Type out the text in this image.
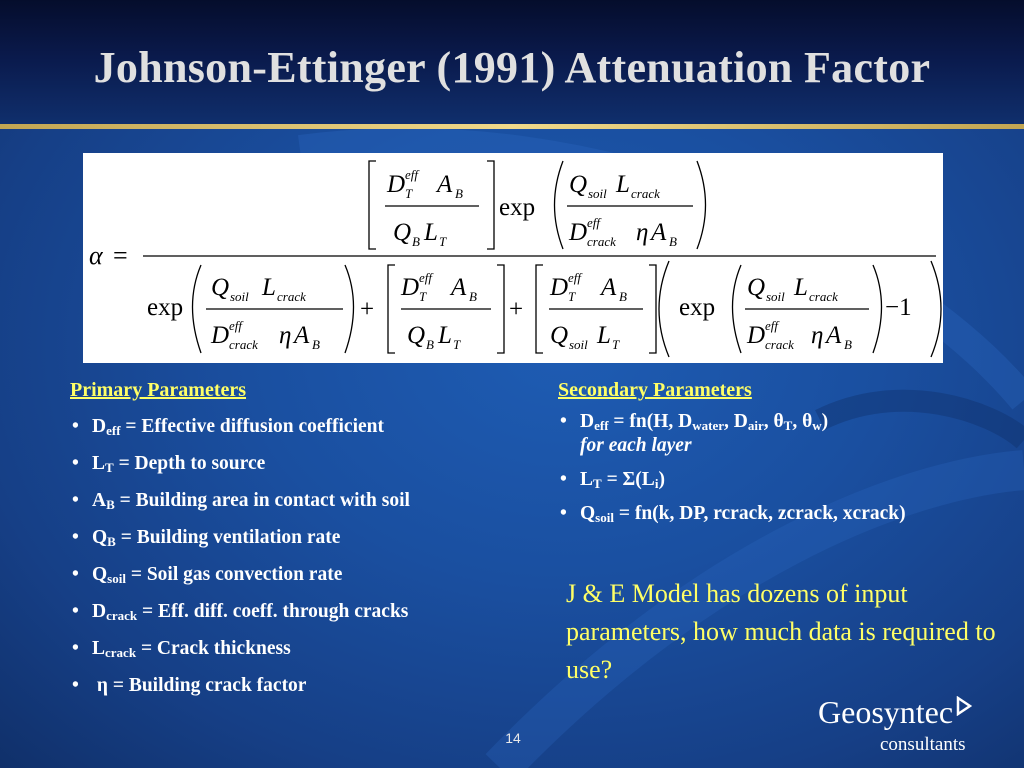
Johnson-Ettinger (1991) Attenuation Factor
α =
D eff
T A B
Q B L T
exp
Q soil L crack
D eff
crack η A B
exp
Q soil L crack
D eff
crack η A B
+
D eff
T A B
Q B L T
+
D eff
T A B
Q soil L T
exp
Q soil L crack
D eff
crack η A B
−1
Primary Parameters
• $D_{eff}$ = Effective diffusion coefficient
• $L_T$ = Depth to source
• $A_B$ = Building area in contact with soil
• $Q_B$ = Building ventilation rate
• $Q_{soil}$ = Soil gas convection rate
• $D_{crack}$ = Eff. diff. coeff. through cracks
• $L_{crack}$ = Crack thickness
• η = Building crack factor
Secondary Parameters
• $D_{eff} = fn(H$, $D_{water}$, $D_{air}$, $\theta_T$, $\theta_w$)
for each layer
• $L_T = \Sigma(L_i)$
• $Q_{soil} = fn(k$, DP, rcrack, zcrack, xcrack)
J & E Model has dozens of input parameters, how much data is required to use?
14
Geosyntec
consultants
